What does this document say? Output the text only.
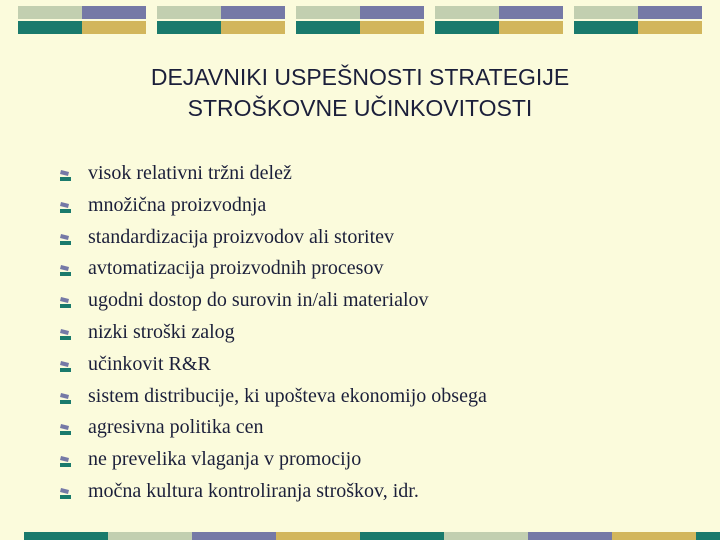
DEJAVNIKI USPEŠNOSTI STRATEGIJE
STROŠKOVNE UČINKOVITOSTI
visok relativni tržni delež
množična proizvodnja
standardizacija proizvodov ali storitev
avtomatizacija proizvodnih procesov
ugodni dostop do surovin in/ali materialov
nizki stroški zalog
učinkovit R&R
sistem distribucije, ki upošteva ekonomijo obsega
agresivna politika cen
ne prevelika vlaganja v promocijo
močna kultura kontroliranja stroškov, idr.
